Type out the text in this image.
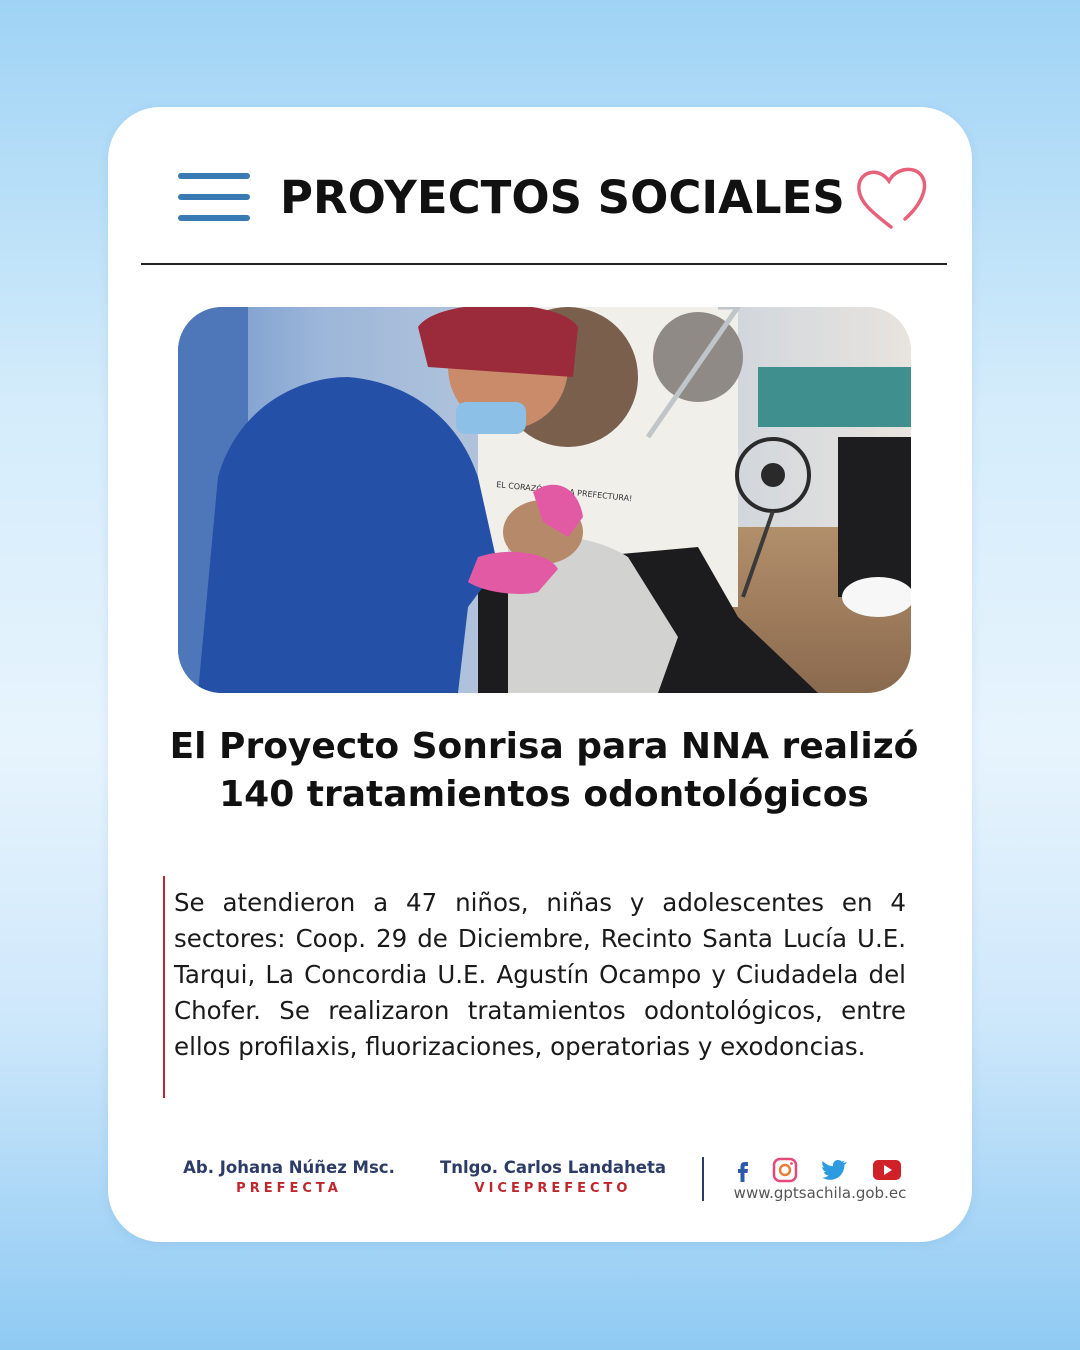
PROYECTOS SOCIALES
EL CORAZÓN PREFECTURA!
El Proyecto Sonrisa para NNA realizó 140 tratamientos odontológicos

Se atendieron a 47 niños, niñas y adolescentes en 4 sectores: Coop. 29 de Diciembre, Recinto Santa Lucía U.E. Tarqui, La Concordia U.E. Agustín Ocampo y Ciudadela del Chofer. Se realizaron tratamientos odontológicos, entre ellos profilaxis, fluorizaciones, operatorias y exodoncias.

Ab. Johana Núñez Msc.
PREFECTA
Tnlgo. Carlos Landaheta
VICEPREFECTO	www.gptsachila.gob.ec
